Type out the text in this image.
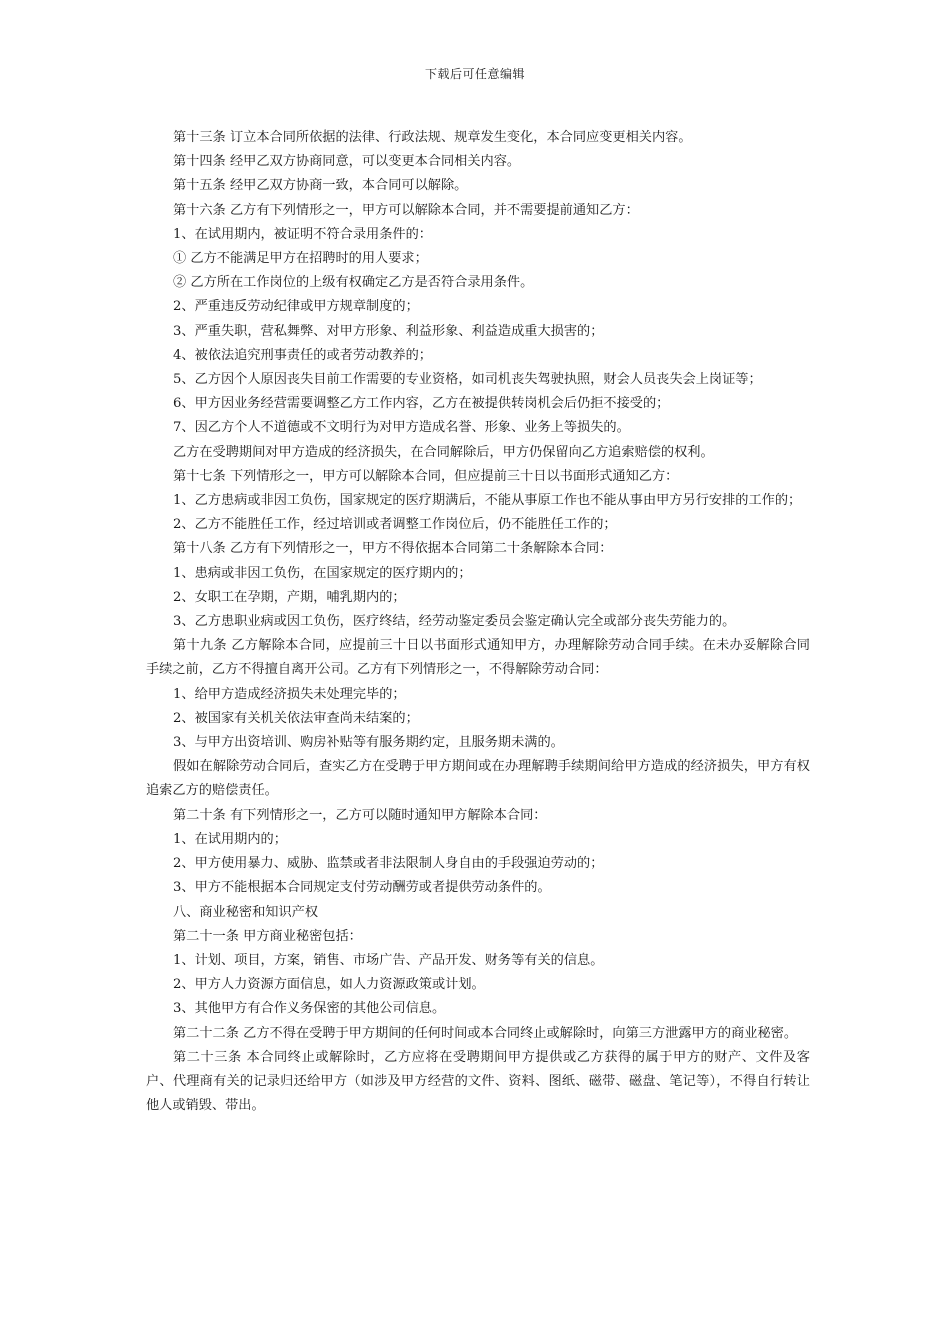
下载后可任意编辑

第十三条 订立本合同所依据的法律、行政法规、规章发生变化，本合同应变更相关内容。

第十四条 经甲乙双方协商同意，可以变更本合同相关内容。

第十五条 经甲乙双方协商一致，本合同可以解除。

第十六条 乙方有下列情形之一，甲方可以解除本合同，并不需要提前通知乙方：

1、在试用期内，被证明不符合录用条件的：

① 乙方不能满足甲方在招聘时的用人要求；

② 乙方所在工作岗位的上级有权确定乙方是否符合录用条件。

2、严重违反劳动纪律或甲方规章制度的；

3、严重失职，营私舞弊、对甲方形象、利益形象、利益造成重大损害的；

4、被依法追究刑事责任的或者劳动教养的；

5、乙方因个人原因丧失目前工作需要的专业资格，如司机丧失驾驶执照，财会人员丧失会上岗证等；

6、甲方因业务经营需要调整乙方工作内容，乙方在被提供转岗机会后仍拒不接受的；

7、因乙方个人不道德或不文明行为对甲方造成名誉、形象、业务上等损失的。

乙方在受聘期间对甲方造成的经济损失，在合同解除后，甲方仍保留向乙方追索赔偿的权利。

第十七条 下列情形之一，甲方可以解除本合同，但应提前三十日以书面形式通知乙方：

1、乙方患病或非因工负伤，国家规定的医疗期满后，不能从事原工作也不能从事由甲方另行安排的工作的；

2、乙方不能胜任工作，经过培训或者调整工作岗位后，仍不能胜任工作的；

第十八条 乙方有下列情形之一，甲方不得依据本合同第二十条解除本合同：

1、患病或非因工负伤，在国家规定的医疗期内的；

2、女职工在孕期，产期，哺乳期内的；

3、乙方患职业病或因工负伤，医疗终结，经劳动鉴定委员会鉴定确认完全或部分丧失劳能力的。

第十九条 乙方解除本合同，应提前三十日以书面形式通知甲方，办理解除劳动合同手续。在未办妥解除合同手续之前，乙方不得擅自离开公司。乙方有下列情形之一，不得解除劳动合同：

1、给甲方造成经济损失未处理完毕的；

2、被国家有关机关依法审查尚未结案的；

3、与甲方出资培训、购房补贴等有服务期约定，且服务期未满的。

假如在解除劳动合同后，查实乙方在受聘于甲方期间或在办理解聘手续期间给甲方造成的经济损失，甲方有权追索乙方的赔偿责任。

第二十条 有下列情形之一，乙方可以随时通知甲方解除本合同：

1、在试用期内的；

2、甲方使用暴力、威胁、监禁或者非法限制人身自由的手段强迫劳动的；

3、甲方不能根据本合同规定支付劳动酬劳或者提供劳动条件的。

八、商业秘密和知识产权

第二十一条 甲方商业秘密包括：

1、计划、项目，方案，销售、市场广告、产品开发、财务等有关的信息。

2、甲方人力资源方面信息，如人力资源政策或计划。

3、其他甲方有合作义务保密的其他公司信息。

第二十二条 乙方不得在受聘于甲方期间的任何时间或本合同终止或解除时，向第三方泄露甲方的商业秘密。

第二十三条 本合同终止或解除时，乙方应将在受聘期间甲方提供或乙方获得的属于甲方的财产、文件及客户、代理商有关的记录归还给甲方（如涉及甲方经营的文件、资料、图纸、磁带、磁盘、笔记等），不得自行转让他人或销毁、带出。
